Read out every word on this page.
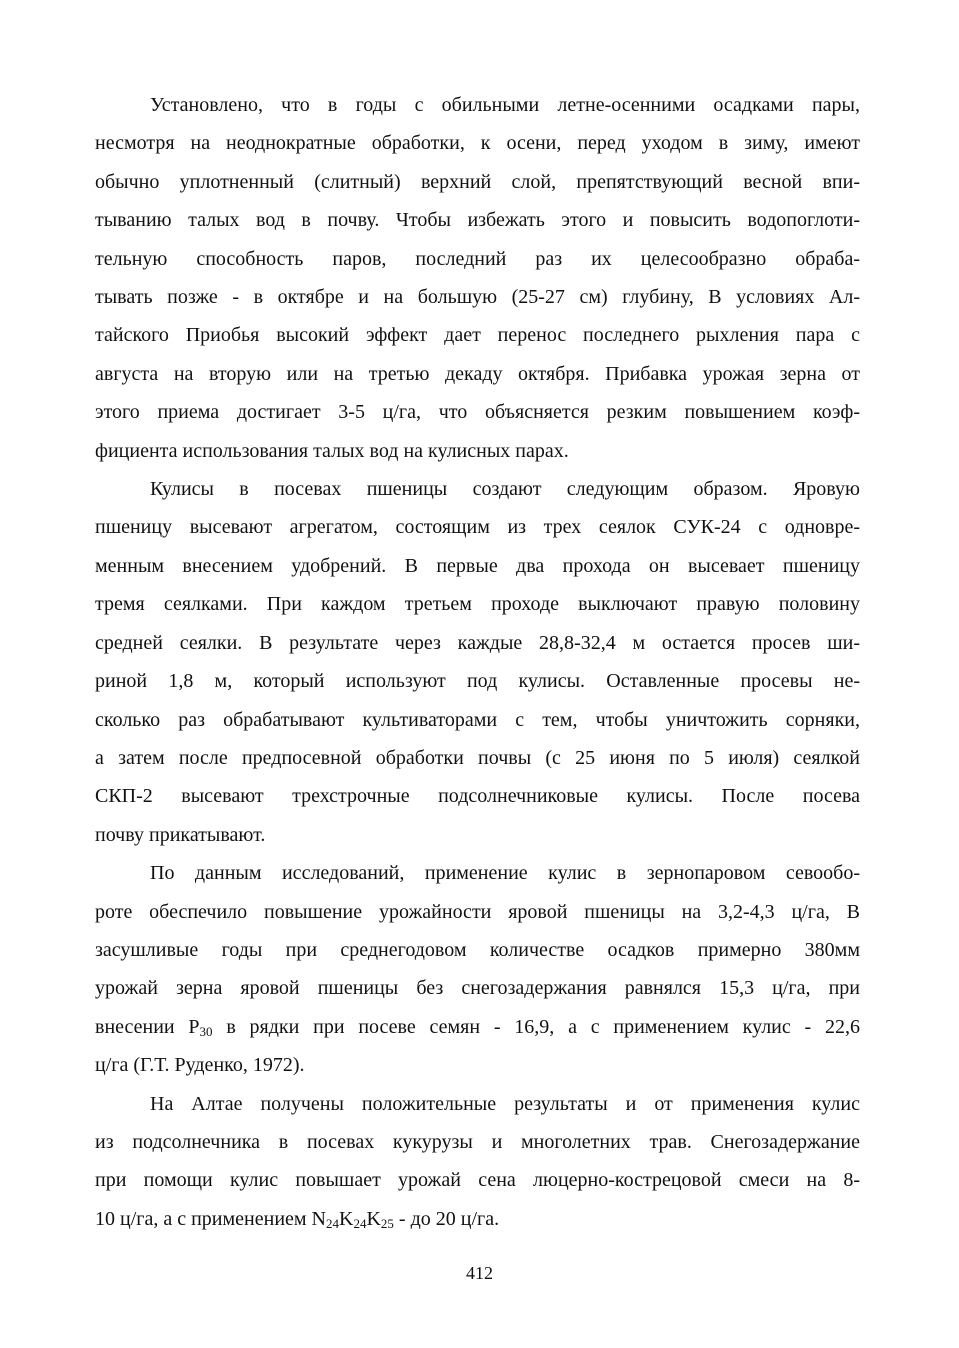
Установлено, что в годы с обильными летне-осенними осадками пары,
несмотря на неоднократные обработки, к осени, перед уходом в зиму, имеют
обычно уплотненный (слитный) верхний слой, препятствующий весной впи-
тыванию талых вод в почву. Чтобы избежать этого и повысить водопоглоти-
тельную способность паров, последний раз их целесообразно обраба-
тывать позже - в октябре и на большую (25-27 см) глубину, В условиях Ал-
тайского Приобья высокий эффект дает перенос последнего рыхления пара с
августа на вторую или на третью декаду октября. Прибавка урожая зерна от
этого приема достигает 3-5 ц/га, что объясняется резким повышением коэф-
фициента использования талых вод на кулисных парах.

Кулисы в посевах пшеницы создают следующим образом. Яровую
пшеницу высевают агрегатом, состоящим из трех сеялок СУК-24 с одновре-
менным внесением удобрений. В первые два прохода он высевает пшеницу
тремя сеялками. При каждом третьем проходе выключают правую половину
средней сеялки. В результате через каждые 28,8-32,4 м остается просев ши-
риной 1,8 м, который используют под кулисы. Оставленные просевы не-
сколько раз обрабатывают культиваторами с тем, чтобы уничтожить сорняки,
а затем после предпосевной обработки почвы (с 25 июня по 5 июля) сеялкой
СКП-2 высевают трехстрочные подсолнечниковые кулисы. После посева
почву прикатывают.

По данным исследований, применение кулис в зернопаровом севообо-
роте обеспечило повышение урожайности яровой пшеницы на 3,2-4,3 ц/га, В
засушливые годы при среднегодовом количестве осадков примерно 380мм
урожай зерна яровой пшеницы без снегозадержания равнялся 15,3 ц/га, при
внесении $P_{30}$ в рядки при посеве семян - 16,9, а с применением кулис - 22,6
ц/га (Г.Т. Руденко, 1972).

На Алтае получены положительные результаты и от применения кулис
из подсолнечника в посевах кукурузы и многолетних трав. Снегозадержание
при помощи кулис повышает урожай сена люцерно-кострецовой смеси на 8-
10 ц/га, а с применением $N_{24}K_{24}K_{25}$ - до 20 ц/га.

412
